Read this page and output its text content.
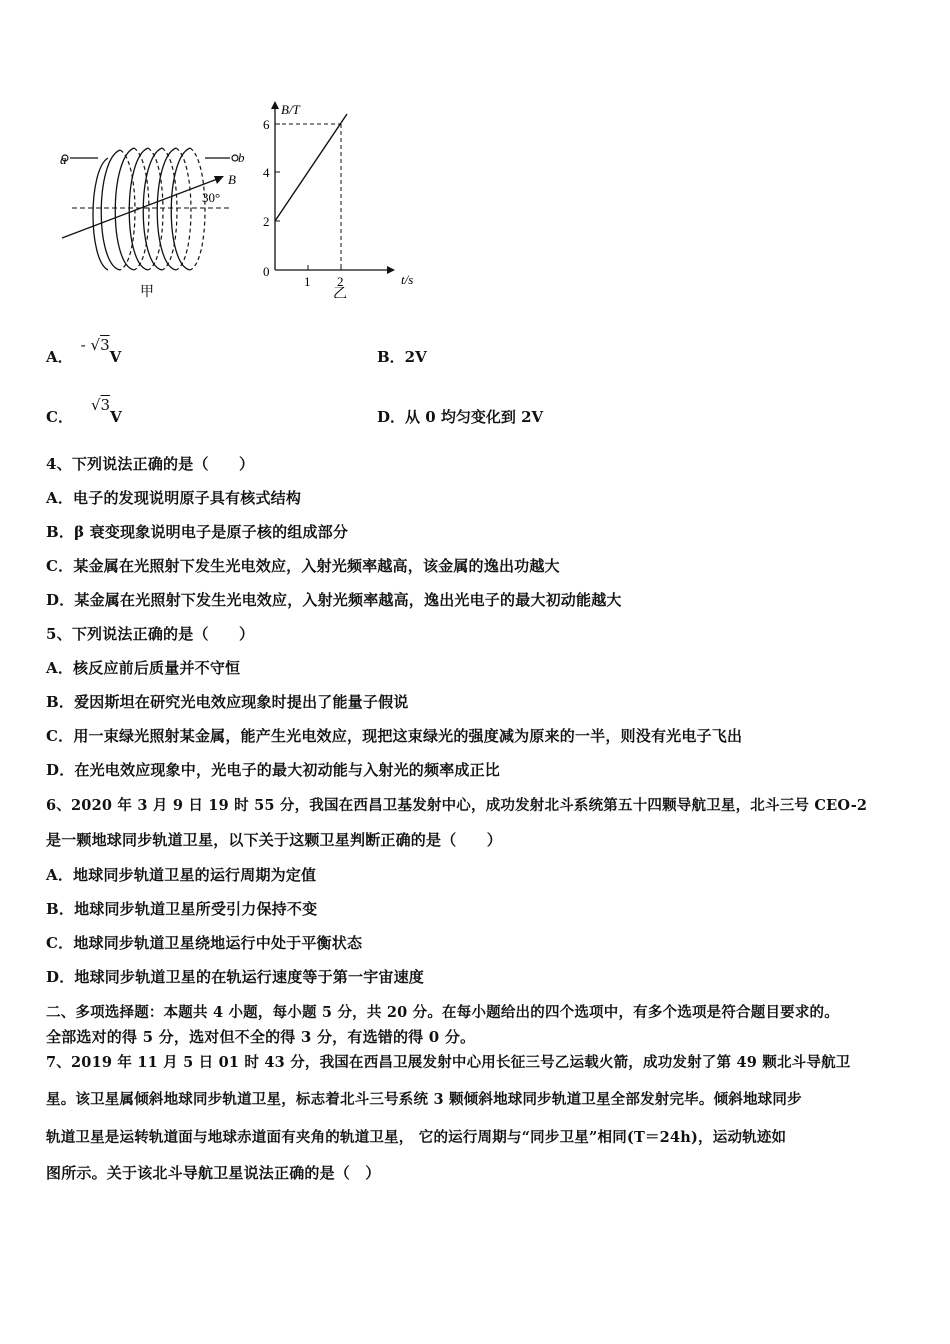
a	b
B
30°
甲
B/T
2
4
6
0
1 2	t/s
乙
A．- √3V	B．2V
C．√3V	D．从 0 均匀变化到 2V
4、下列说法正确的是（　　）
A．电子的发现说明原子具有核式结构
B．β 衰变现象说明电子是原子核的组成部分
C．某金属在光照射下发生光电效应，入射光频率越高，该金属的逸出功越大
D．某金属在光照射下发生光电效应，入射光频率越高，逸出光电子的最大初动能越大
5、下列说法正确的是（　　）
A．核反应前后质量并不守恒
B．爱因斯坦在研究光电效应现象时提出了能量子假说
C．用一束绿光照射某金属，能产生光电效应，现把这束绿光的强度减为原来的一半，则没有光电子飞出
D．在光电效应现象中，光电子的最大初动能与入射光的频率成正比
6、2020 年 3 月 9 日 19 时 55 分，我国在西昌卫基发射中心，成功发射北斗系统第五十四颗导航卫星，北斗三号 CEO-2
是一颗地球同步轨道卫星，以下关于这颗卫星判断正确的是（　　）
A．地球同步轨道卫星的运行周期为定值
B．地球同步轨道卫星所受引力保持不变
C．地球同步轨道卫星绕地运行中处于平衡状态
D．地球同步轨道卫星的在轨运行速度等于第一宇宙速度
二、多项选择题：本题共 4 小题，每小题 5 分，共 20 分。在每小题给出的四个选项中，有多个选项是符合题目要求的。
全部选对的得 5 分，选对但不全的得 3 分，有选错的得 0 分。
7、2019 年 11 月 5 日 01 时 43 分，我国在西昌卫展发射中心用长征三号乙运载火箭，成功发射了第 49 颗北斗导航卫
星。该卫星属倾斜地球同步轨道卫星，标志着北斗三号系统 3 颗倾斜地球同步轨道卫星全部发射完毕。倾斜地球同步
轨道卫星是运转轨道面与地球赤道面有夹角的轨道卫星， 它的运行周期与“同步卫星”相同(T＝24h)，运动轨迹如
图所示。关于该北斗导航卫星说法正确的是（　）
